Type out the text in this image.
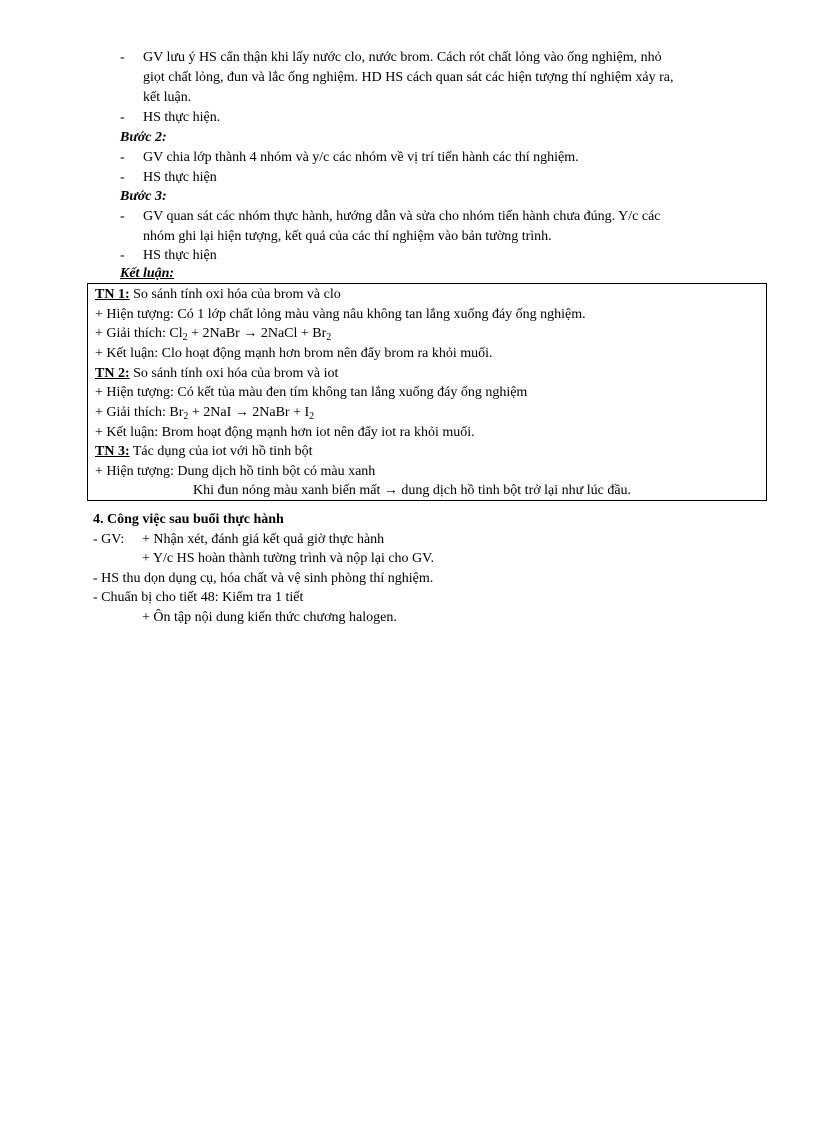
- GV lưu ý HS cẩn thận khi lấy nước clo, nước brom. Cách rót chất lỏng vào ống nghiệm, nhỏ
giọt chất lỏng, đun và lắc ống nghiệm. HD HS cách quan sát các hiện tượng thí nghiệm xảy ra,
kết luận.
- HS thực hiện.
Bước 2:
- GV chia lớp thành 4 nhóm và y/c các nhóm về vị trí tiến hành các thí nghiệm.
- HS thực hiện
Bước 3:
- GV quan sát các nhóm thực hành, hướng dẫn và sửa cho nhóm tiến hành chưa đúng. Y/c các
nhóm ghi lại hiện tượng, kết quả của các thí nghiệm vào bản tường trình.
- HS thực hiện
Kết luận:
TN 1: So sánh tính oxi hóa của brom và clo
+ Hiện tượng: Có 1 lớp chất lỏng màu vàng nâu không tan lắng xuống đáy ống nghiệm.
+ Giải thích: $Cl_2$ + 2NaBr → 2NaCl + $Br_2$
+ Kết luận: Clo hoạt động mạnh hơn brom nên đẩy brom ra khỏi muối.
TN 2: So sánh tính oxi hóa của brom và iot
+ Hiện tượng: Có kết tủa màu đen tím không tan lắng xuống đáy ống nghiệm
+ Giải thích: $Br_2 + 2NaI$ → 2NaBr + $I_2$
+ Kết luận: Brom hoạt động mạnh hơn iot nên đẩy iot ra khỏi muối.
TN 3: Tác dụng của iot với hồ tinh bột
+ Hiện tượng: Dung dịch hồ tinh bột có màu xanh
Khi đun nóng màu xanh biến mất → dung dịch hồ tinh bột trở lại như lúc đầu.
4. Công việc sau buổi thực hành
- GV: + Nhận xét, đánh giá kết quả giờ thực hành
+ Y/c HS hoàn thành tường trình và nộp lại cho GV.
- HS thu dọn dụng cụ, hóa chất và vệ sinh phòng thí nghiệm.
- Chuẩn bị cho tiết 48: Kiểm tra 1 tiết
+ Ôn tập nội dung kiến thức chương halogen.
